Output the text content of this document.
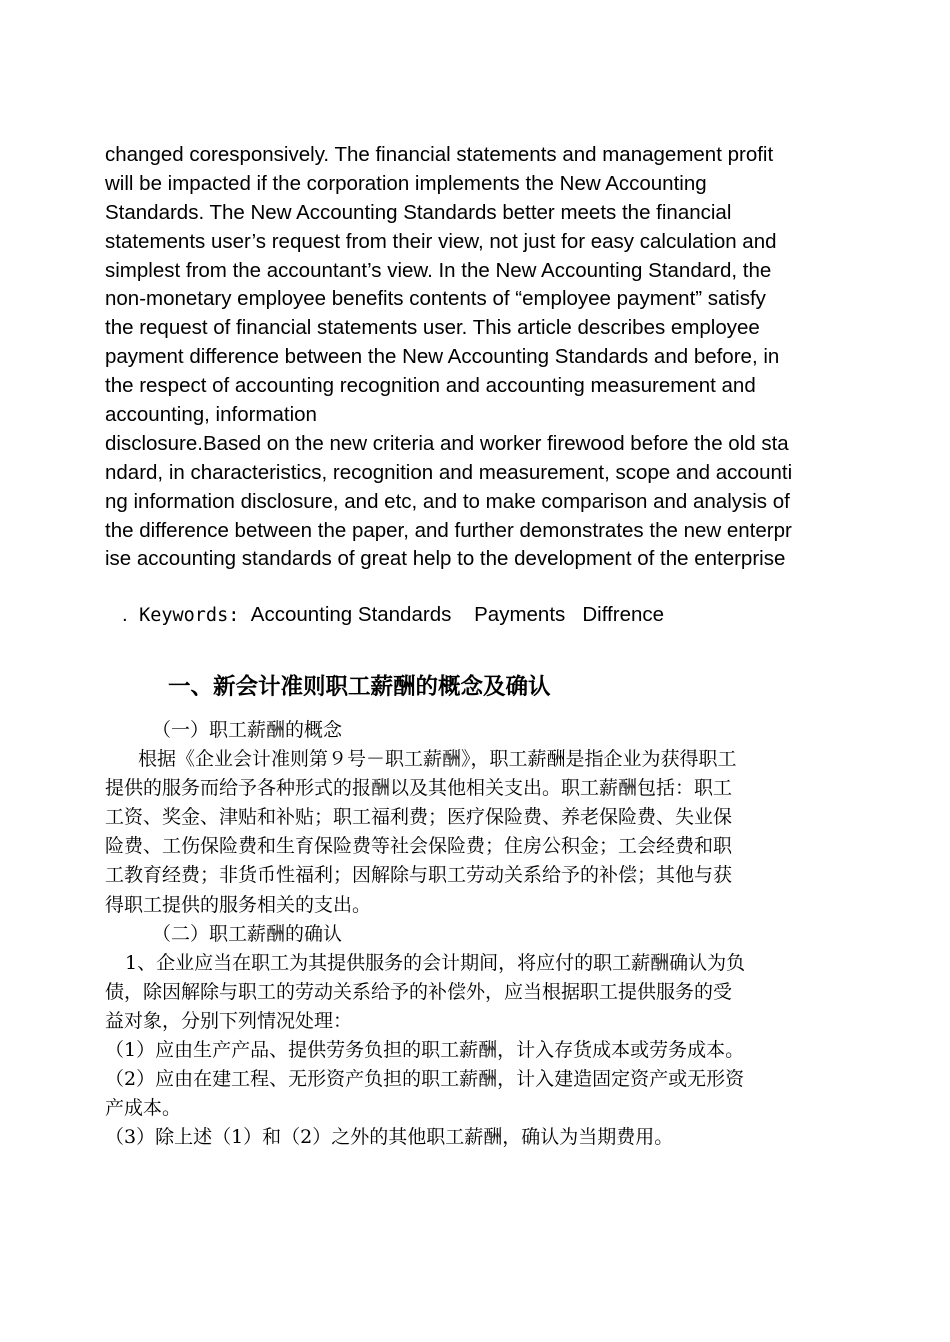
changed coresponsively. The financial statements and management profit
will be impacted if the corporation implements the New Accounting
Standards. The New Accounting Standards better meets the financial
statements user’s request from their view, not just for easy calculation and
simplest from the accountant’s view. In the New Accounting Standard, the
non-monetary employee benefits contents of “employee payment” satisfy
the request of financial statements user. This article describes employee
payment difference between the New Accounting Standards and before, in
the respect of accounting recognition and accounting measurement and
accounting, information
disclosure.Based on the new criteria and worker firewood before the old sta
ndard, in characteristics, recognition and measurement, scope and accounti
ng information disclosure, and etc, and to make comparison and analysis of
the difference between the paper, and further demonstrates the new enterpr
ise accounting standards of great help to the development of the enterprise
. Keywords: Accounting Standards    Payments   Diffrence
一、新会计准则职工薪酬的概念及确认
（一）职工薪酬的概念
根据《企业会计准则第９号－职工薪酬》，职工薪酬是指企业为获得职工
提供的服务而给予各种形式的报酬以及其他相关支出。职工薪酬包括：职工
工资、奖金、津贴和补贴；职工福利费；医疗保险费、养老保险费、失业保
险费、工伤保险费和生育保险费等社会保险费；住房公积金；工会经费和职
工教育经费；非货币性福利；因解除与职工劳动关系给予的补偿；其他与获
得职工提供的服务相关的支出。
（二）职工薪酬的确认
1、企业应当在职工为其提供服务的会计期间，将应付的职工薪酬确认为负
债，除因解除与职工的劳动关系给予的补偿外，应当根据职工提供服务的受
益对象，分别下列情况处理：
（1）应由生产产品、提供劳务负担的职工薪酬，计入存货成本或劳务成本。
（2）应由在建工程、无形资产负担的职工薪酬，计入建造固定资产或无形资
产成本。
（3）除上述（1）和（2）之外的其他职工薪酬，确认为当期费用。
